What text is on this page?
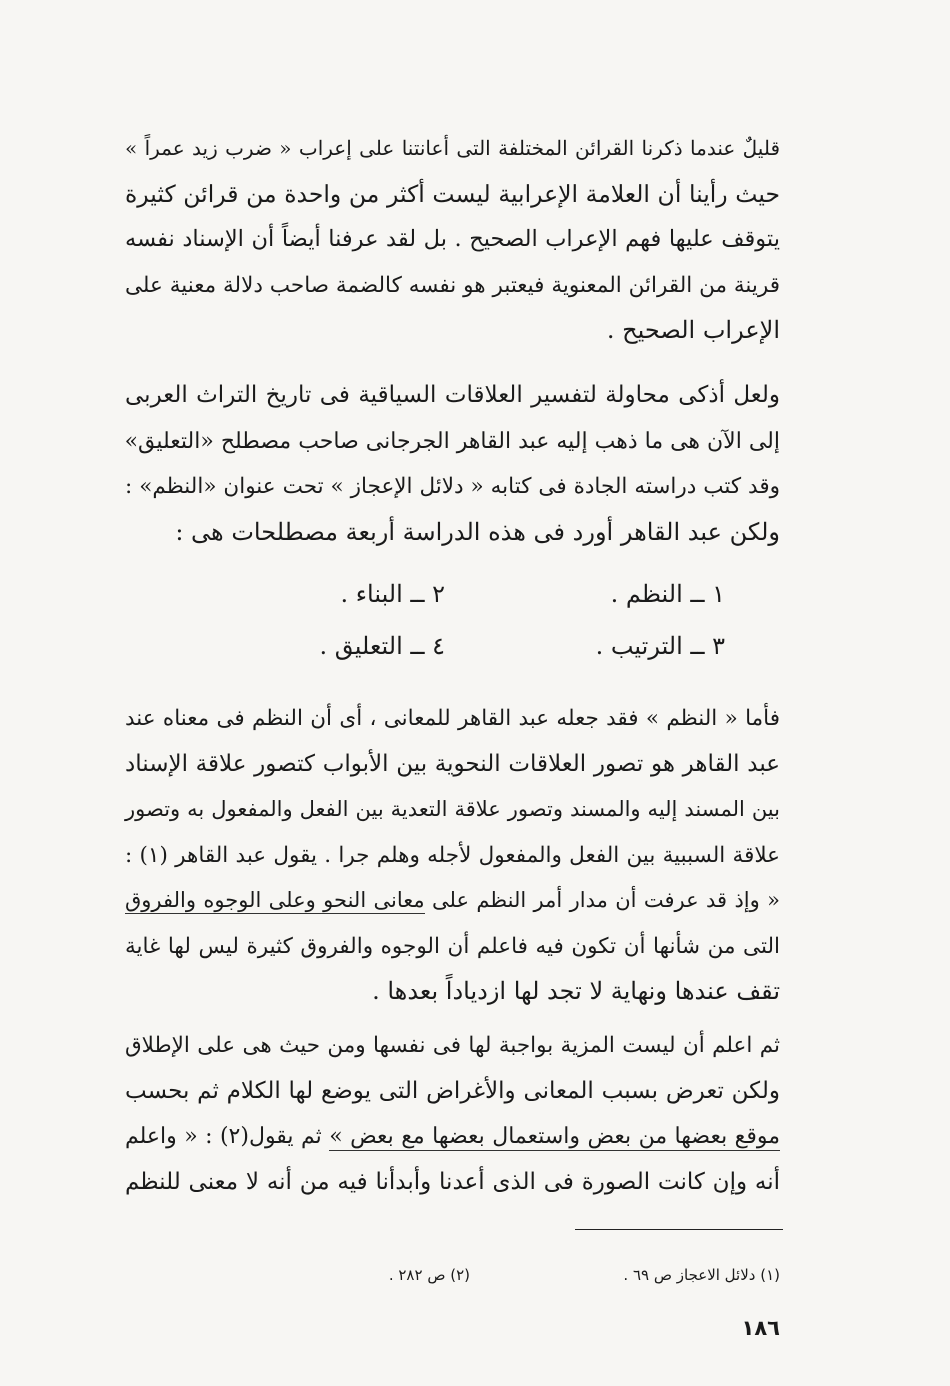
قليلٌ عندما ذكرنا القرائن المختلفة التى أعانتنا على إعراب « ضرب زيد عمراً »
حيث رأينا أن العلامة الإعرابية ليست أكثر من واحدة من قرائن كثيرة
يتوقف عليها فهم الإعراب الصحيح . بل لقد عرفنا أيضاً أن الإسناد نفسه
قرينة من القرائن المعنوية فيعتبر هو نفسه كالضمة صاحب دلالة معنية على
الإعراب الصحيح .
ولعل أذكى محاولة لتفسير العلاقات السياقية فى تاريخ التراث العربى
إلى الآن هى ما ذهب إليه عبد القاهر الجرجانى صاحب مصطلح «التعليق»
وقد كتب دراسته الجادة فى كتابه « دلائل الإعجاز » تحت عنوان «النظم» :
ولكن عبد القاهر أورد فى هذه الدراسة أربعة مصطلحات هى :
١ ــ النظم .
٢ ــ البناء .
٣ ــ الترتيب .
٤ ــ التعليق .
فأما « النظم » فقد جعله عبد القاهر للمعانى ، أى أن النظم فى معناه عند
عبد القاهر هو تصور العلاقات النحوية بين الأبواب كتصور علاقة الإسناد
بين المسند إليه والمسند وتصور علاقة التعدية بين الفعل والمفعول به وتصور
علاقة السببية بين الفعل والمفعول لأجله وهلم جرا . يقول عبد القاهر (١) :
« وإذ قد عرفت أن مدار أمر النظم على معانى النحو وعلى الوجوه والفروق
التى من شأنها أن تكون فيه فاعلم أن الوجوه والفروق كثيرة ليس لها غاية
تقف عندها ونهاية لا تجد لها ازدياداً بعدها .
ثم اعلم أن ليست المزية بواجبة لها فى نفسها ومن حيث هى على الإطلاق
ولكن تعرض بسبب المعانى والأغراض التى يوضع لها الكلام ثم بحسب
موقع بعضها من بعض واستعمال بعضها مع بعض » ثم يقول(٢) : « واعلم
أنه وإن كانت الصورة فى الذى أعدنا وأبدأنا فيه من أنه لا معنى للنظم
(١) دلائل الاعجاز ص ٦٩ .
(٢) ص ٢٨٢ .
١٨٦
